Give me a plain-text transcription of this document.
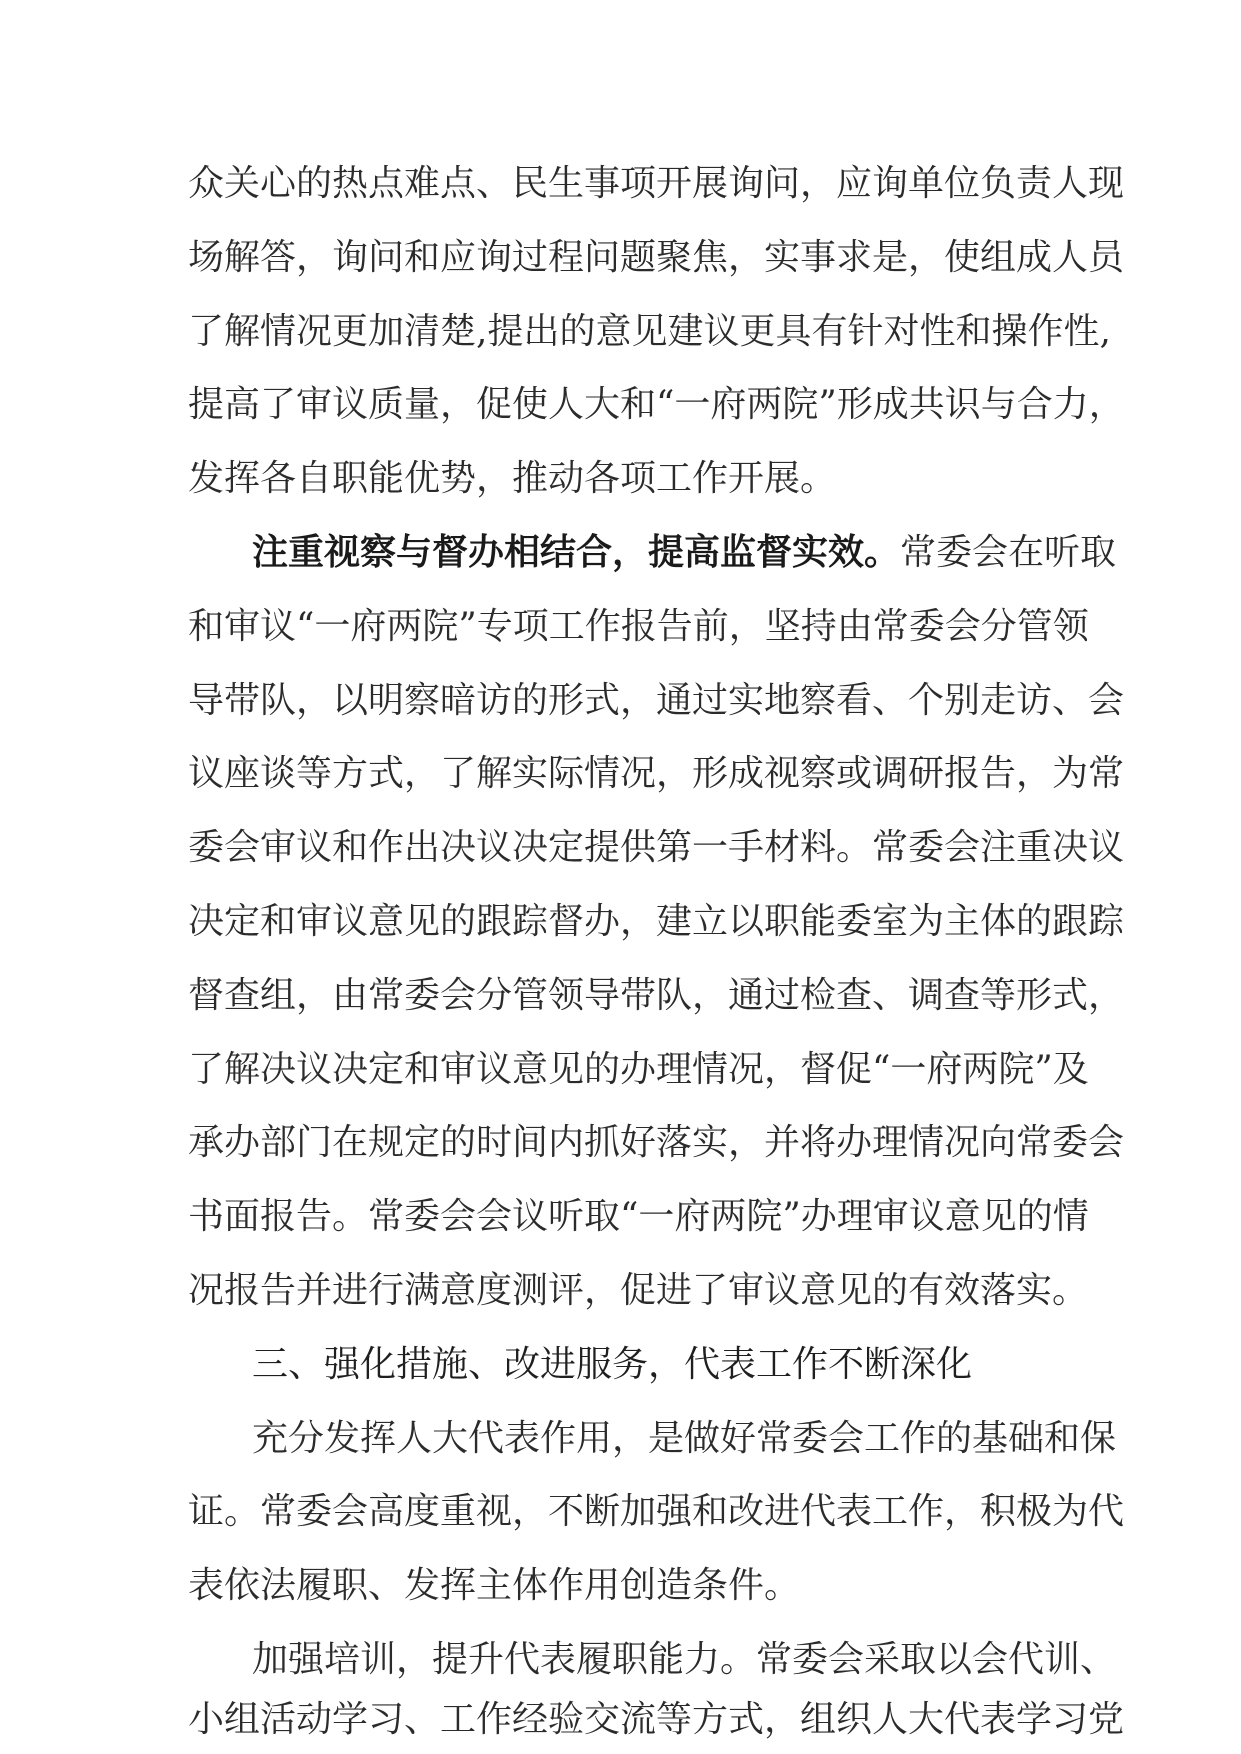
众关心的热点难点、民生事项开展询问，应询单位负责人现
场解答，询问和应询过程问题聚焦，实事求是，使组成人员
了解情况更加清楚,提出的意见建议更具有针对性和操作性,
提高了审议质量，促使人大和“一府两院”形成共识与合力，
发挥各自职能优势，推动各项工作开展。
注重视察与督办相结合，提高监督实效。常委会在听取
和审议“一府两院”专项工作报告前，坚持由常委会分管领
导带队，以明察暗访的形式，通过实地察看、个别走访、会
议座谈等方式，了解实际情况，形成视察或调研报告，为常
委会审议和作出决议决定提供第一手材料。常委会注重决议
决定和审议意见的跟踪督办，建立以职能委室为主体的跟踪
督查组，由常委会分管领导带队，通过检查、调查等形式，
了解决议决定和审议意见的办理情况，督促“一府两院”及
承办部门在规定的时间内抓好落实，并将办理情况向常委会
书面报告。常委会会议听取“一府两院”办理审议意见的情
况报告并进行满意度测评，促进了审议意见的有效落实。
三、强化措施、改进服务，代表工作不断深化
充分发挥人大代表作用，是做好常委会工作的基础和保
证。常委会高度重视，不断加强和改进代表工作，积极为代
表依法履职、发挥主体作用创造条件。
加强培训，提升代表履职能力。常委会采取以会代训、
小组活动学习、工作经验交流等方式，组织人大代表学习党
